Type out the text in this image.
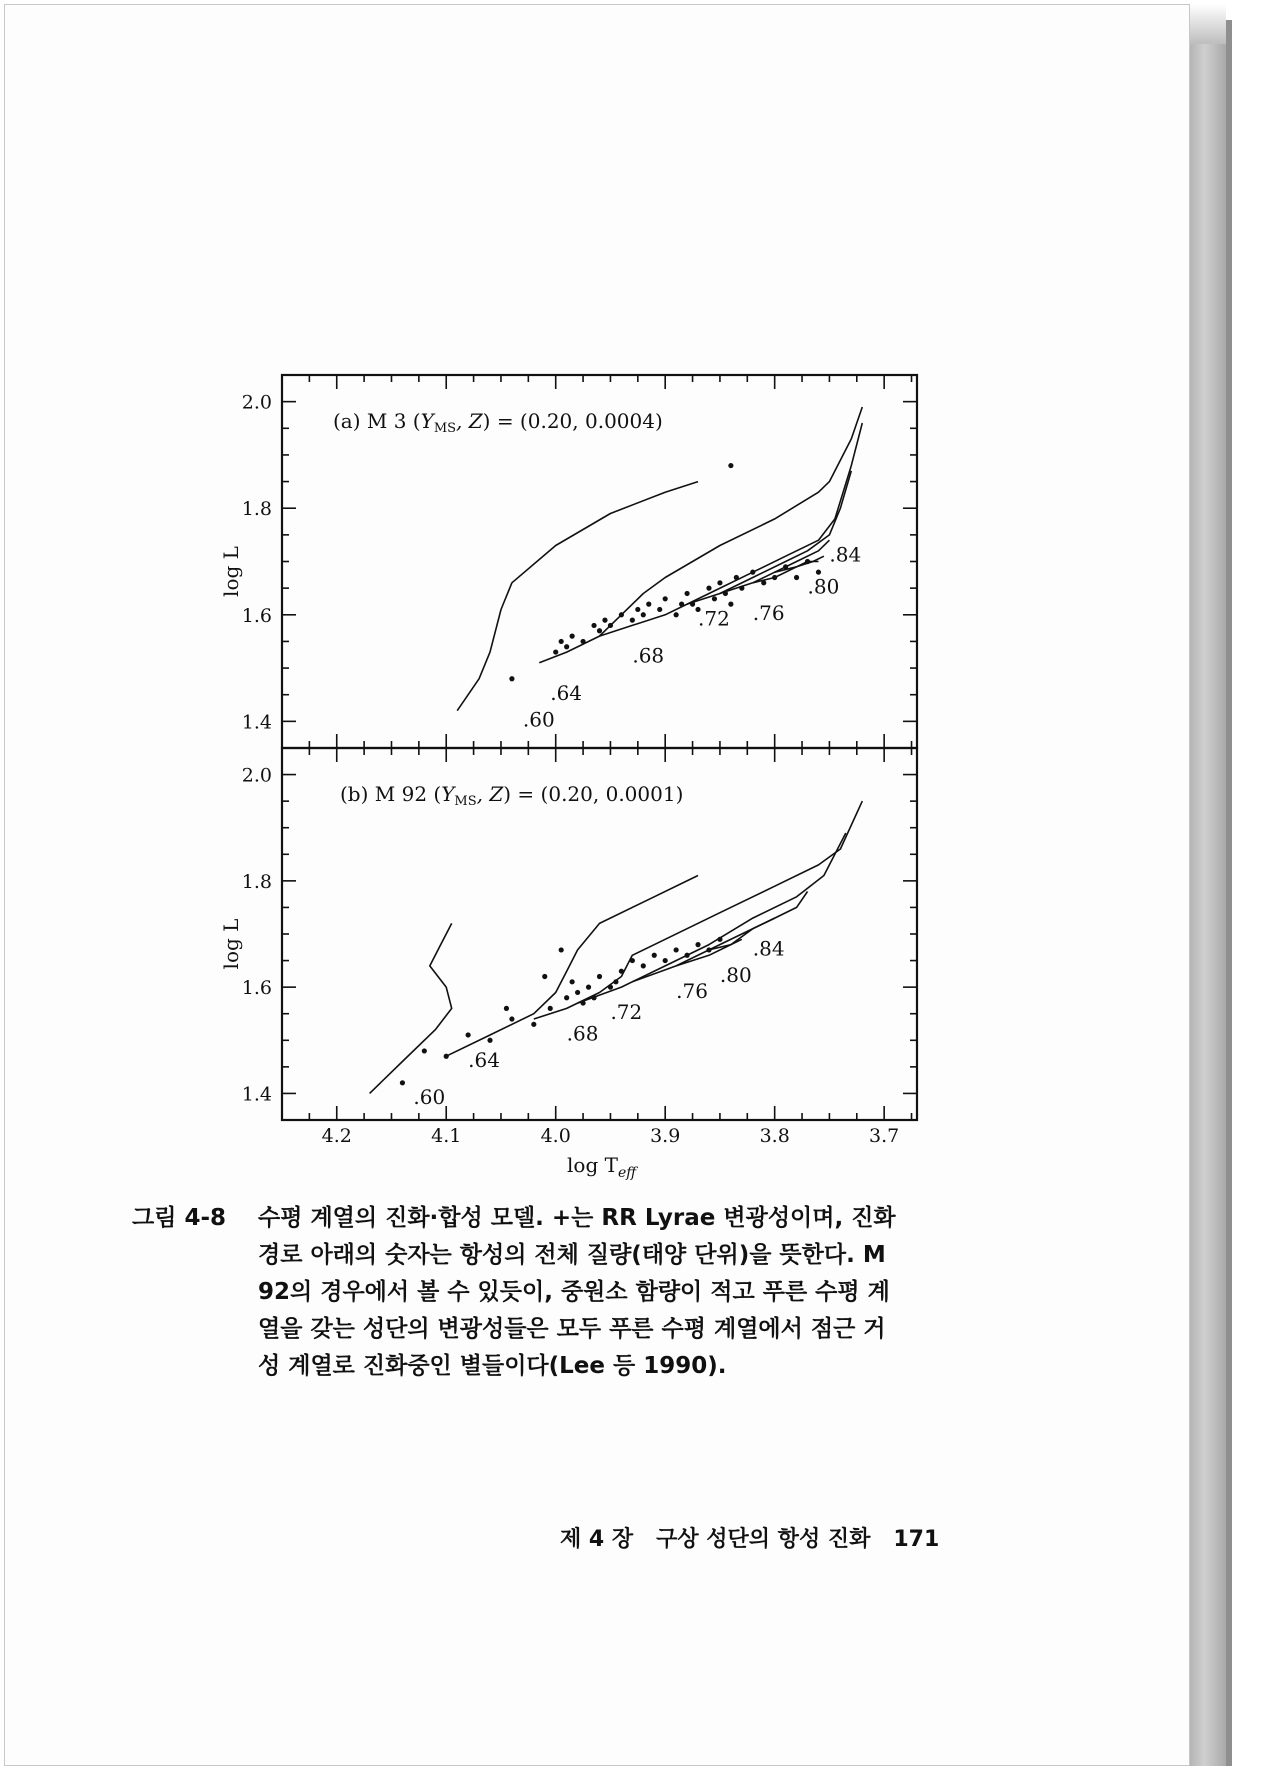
2.0
1.8
1.6
1.4
log L
(a) M 3 ($Y_{MS}$, Z) = (0.20, 0.0004)
.60
.64
.68
.72 .76
.80
.84
2.0
1.8
1.6
1.4
log L
(b) M 92 ($Y_{MS}$, Z) = (0.20, 0.0001)
.60
.64
.68
.72
.76
.80
.84
4.2	4.1	4.0	3.9	3.8	3.7
$\log T_{eff}$
그림 4-8	수평 계열의 진화·합성 모델. +는 RR Lyrae 변광성이며, 진화
경로 아래의 숫자는 항성의 전체 질량(태양 단위)을 뜻한다. M
92의 경우에서 볼 수 있듯이, 중원소 함량이 적고 푸른 수평 계
열을 갖는 성단의 변광성들은 모두 푸른 수평 계열에서 점근 거
성 계열로 진화중인 별들이다(Lee 등 1990).
제 4 장   구상 성단의 항성 진화 171
